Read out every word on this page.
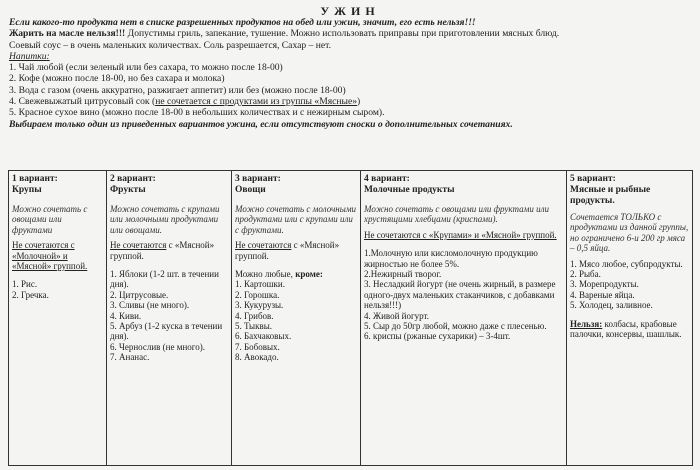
УЖИН
Если какого-то продукта нет в списке разрешенных продуктов на обед или ужин, значит, его есть нельзя!!!
Жарить на масле нельзя!!! Допустимы гриль, запекание, тушение. Можно использовать приправы при приготовлении мясных блюд.
Соевый соус – в очень маленьких количествах. Соль разрешается, Сахар – нет.
Напитки:
1. Чай любой (если зеленый или без сахара, то можно после 18-00)
2. Кофе (можно после 18-00, но без сахара и молока)
3. Вода с газом (очень аккуратно, разжигает аппетит) или без (можно после 18-00)
4. Свежевыжатый цитрусовый сок (не сочетается с продуктами из группы «Мясные»)
5. Красное сухое вино (можно после 18-00 в небольших количествах и с нежирным сыром).
Выбираем только один из приведенных вариантов ужина, если отсутствуют сноски о дополнительных сочетаниях.
1 вариант:
Крупы
Можно сочетать с овощами или фруктами
Не сочетаются с «Молочной» и «Мясной» группой.
1. Рис.
2. Гречка.

2 вариант:
Фрукты
Можно сочетать с крупами или молочными продуктами или овощами.
Не сочетаются с «Мясной» группой.
1. Яблоки (1-2 шт. в течении дня).
2. Цитрусовые.
3. Сливы (не много).
4. Киви.
5. Арбуз (1-2 куска в течении дня).
6. Чернослив (не много).
7. Ананас.

3 вариант:
Овощи
Можно сочетать с молочными продуктами или с крупами или с фруктами.
Не сочетаются с «Мясной» группой.
Можно любые, кроме:
1. Картошки.
2. Горошка.
3. Кукурузы.
4. Грибов.
5. Тыквы.
6. Бахчаковых.
7. Бобовых.
8. Авокадо.

4 вариант:
Молочные продукты
Можно сочетать с овощами или фруктами или хрустящими хлебцами (криспами).
Не сочетаются с «Крупами» и «Мясной» группой.
1.Молочную или кисломолочную продукцию жирностью не более 5%.
2.Нежирный творог.
3. Несладкий йогурт (не очень жирный, в размере одного-двух маленьких стаканчиков, с добавками нельзя!!!)
4. Живой йогурт.
5. Сыр до 50гр любой, можно даже с плесенью.
6. криспы (ржаные сухарики) – 3-4шт.

5 вариант:
Мясные и рыбные продукты.
Сочетается ТОЛЬКО с продуктами из данной группы, но ограничено 6-и 200 гр мяса – 0,5 яйца.
1. Мясо любое, субпродукты.
2. Рыба.
3. Морепродукты.
4. Вареные яйца.
5. Холодец, заливное.
Нельзя: колбасы, крабовые палочки, консервы, шашлык.
